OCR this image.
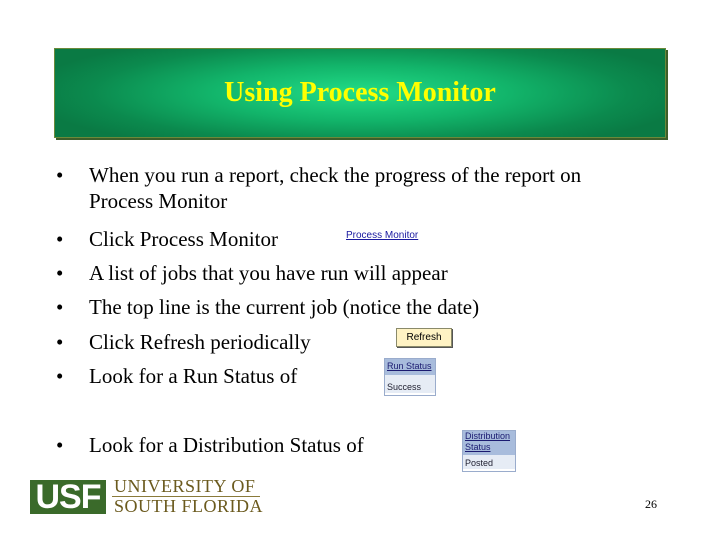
Using Process Monitor
•	When you run a report, check the progress of the report on
Process Monitor
•	Click Process Monitor
•	A list of jobs that you have run will appear
•	The top line is the current job (notice the date)
•	Click Refresh periodically
•	Look for a Run Status of
•	Look for a Distribution Status of
Process Monitor
Refresh
Run Status
Success
Distribution
Status
Posted
USF UNIVERSITY OF
SOUTH FLORIDA	26
